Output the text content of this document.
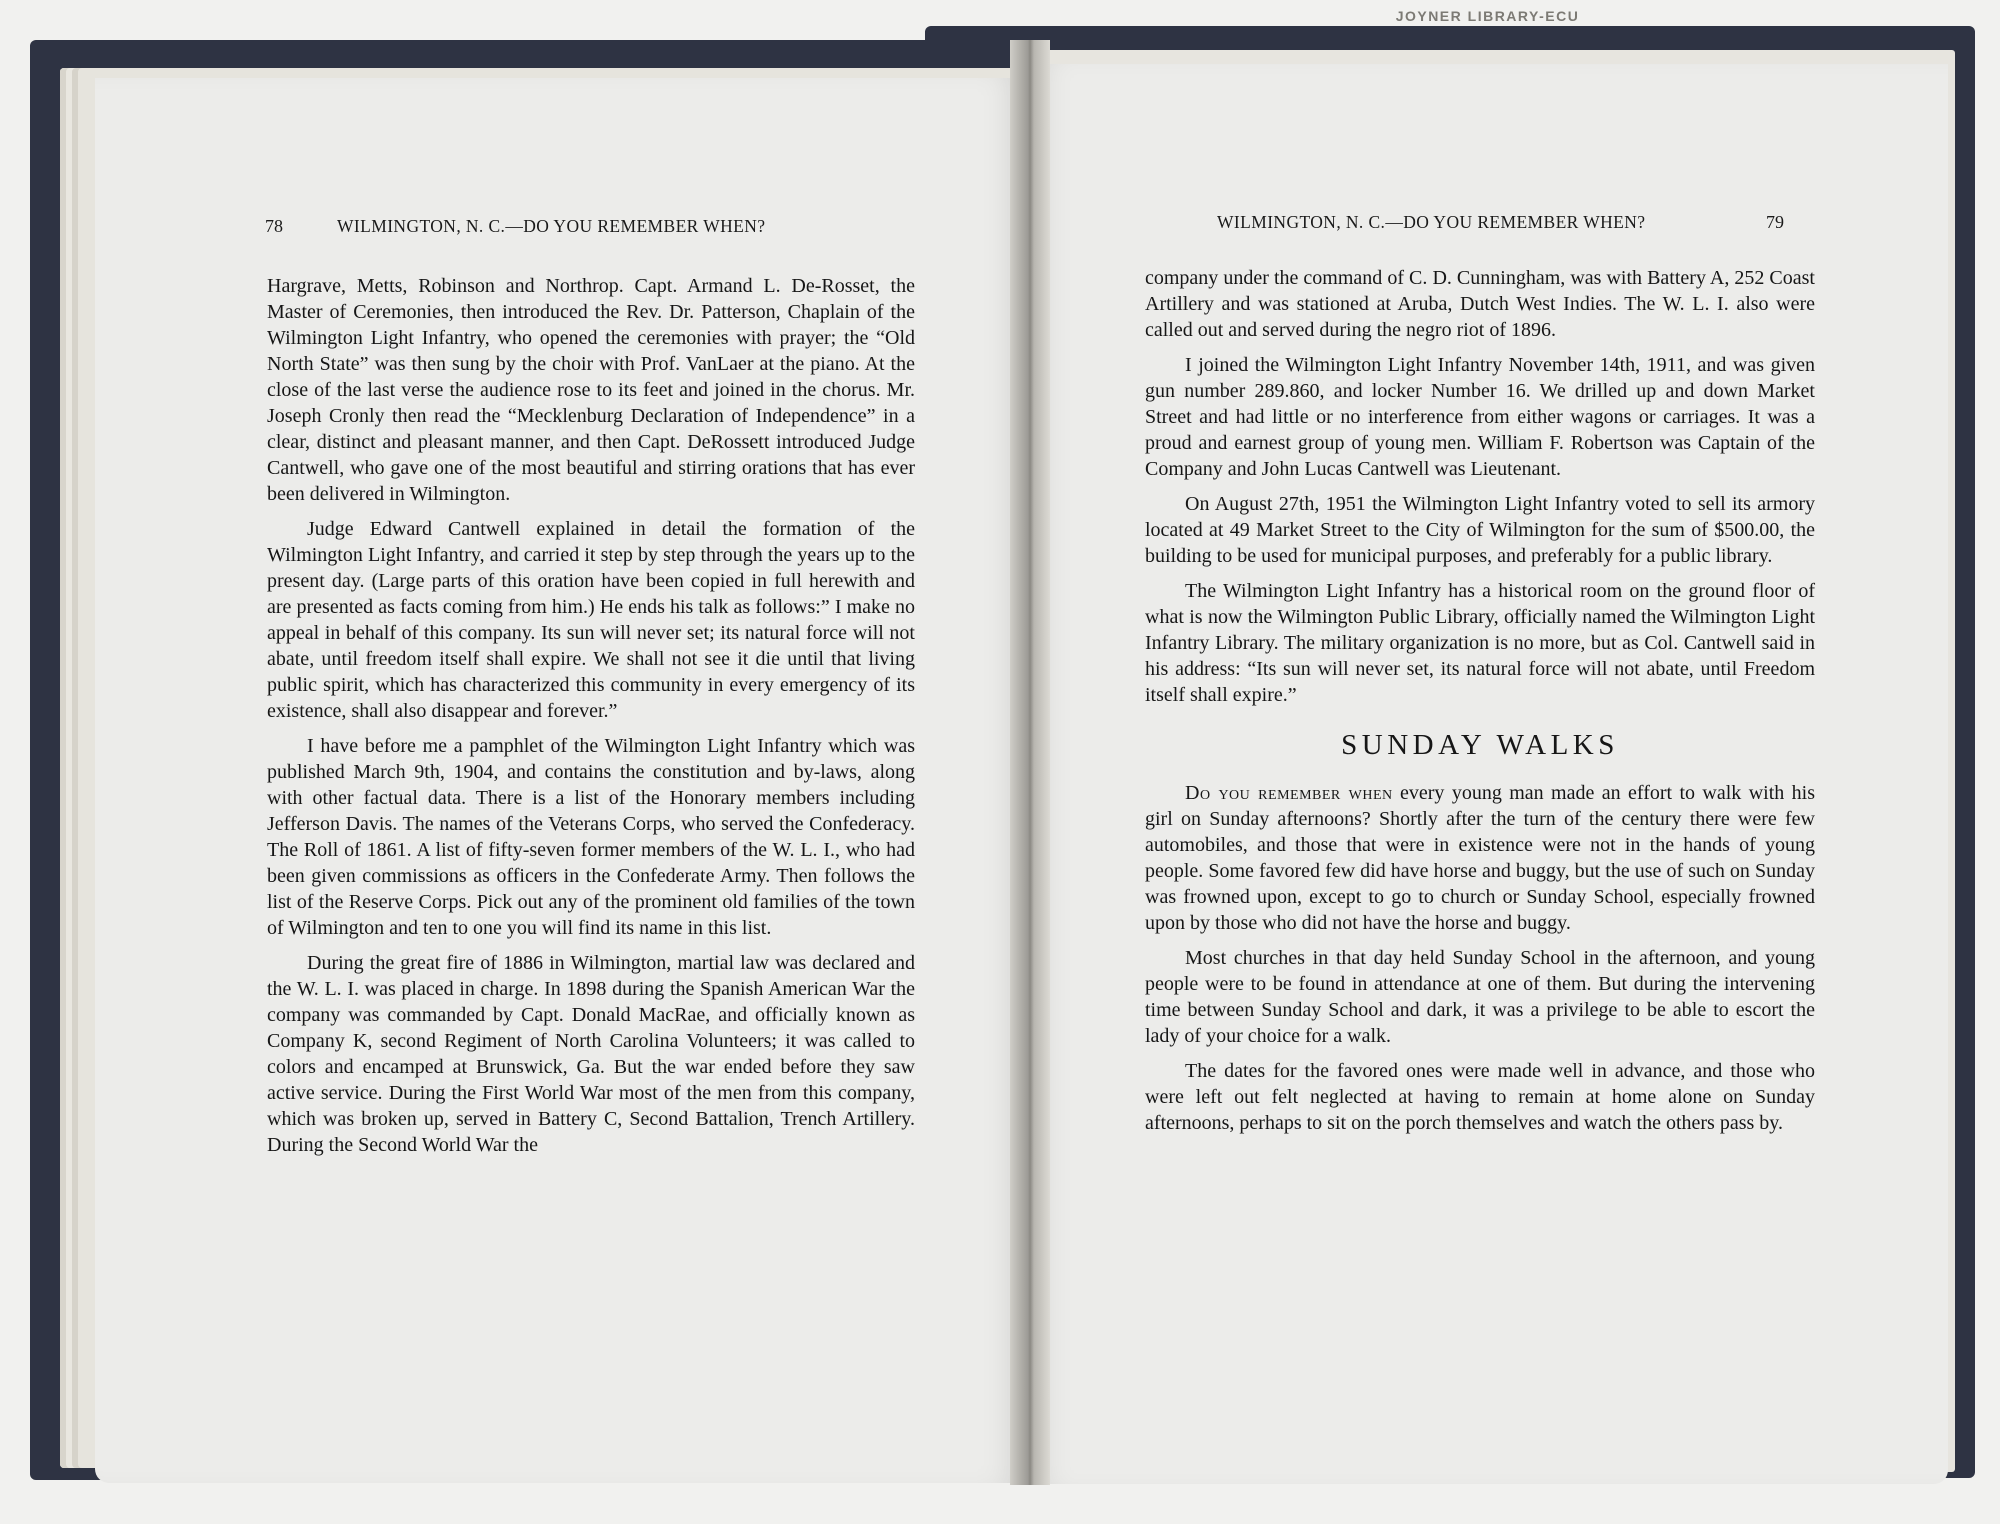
JOYNER LIBRARY-ECU
78	WILMINGTON, N. C.—DO YOU REMEMBER WHEN?

Hargrave, Metts, Robinson and Northrop. Capt. Armand L. De-Rosset, the Master of Ceremonies, then introduced the Rev. Dr. Patterson, Chaplain of the Wilmington Light Infantry, who opened the ceremonies with prayer; the “Old North State” was then sung by the choir with Prof. VanLaer at the piano. At the close of the last verse the audience rose to its feet and joined in the chorus. Mr. Joseph Cronly then read the “Mecklenburg Declaration of Independence” in a clear, distinct and pleasant manner, and then Capt. DeRossett introduced Judge Cantwell, who gave one of the most beautiful and stirring orations that has ever been delivered in Wilmington.

Judge Edward Cantwell explained in detail the formation of the Wilmington Light Infantry, and carried it step by step through the years up to the present day. (Large parts of this oration have been copied in full herewith and are presented as facts coming from him.) He ends his talk as follows:” I make no appeal in behalf of this company. Its sun will never set; its natural force will not abate, until freedom itself shall expire. We shall not see it die until that living public spirit, which has characterized this community in every emergency of its existence, shall also disappear and forever.”

I have before me a pamphlet of the Wilmington Light Infantry which was published March 9th, 1904, and contains the constitution and by-laws, along with other factual data. There is a list of the Honorary members including Jefferson Davis. The names of the Veterans Corps, who served the Confederacy. The Roll of 1861. A list of fifty-seven former members of the W. L. I., who had been given commissions as officers in the Confederate Army. Then follows the list of the Reserve Corps. Pick out any of the prominent old families of the town of Wilmington and ten to one you will find its name in this list.

During the great fire of 1886 in Wilmington, martial law was declared and the W. L. I. was placed in charge. In 1898 during the Spanish American War the company was commanded by Capt. Donald MacRae, and officially known as Company K, second Regiment of North Carolina Volunteers; it was called to colors and encamped at Brunswick, Ga. But the war ended before they saw active service. During the First World War most of the men from this company, which was broken up, served in Battery C, Second Battalion, Trench Artillery. During the Second World War the

WILMINGTON, N. C.—DO YOU REMEMBER WHEN?	79

company under the command of C. D. Cunningham, was with Battery A, 252 Coast Artillery and was stationed at Aruba, Dutch West Indies. The W. L. I. also were called out and served during the negro riot of 1896.

I joined the Wilmington Light Infantry November 14th, 1911, and was given gun number 289.860, and locker Number 16. We drilled up and down Market Street and had little or no interference from either wagons or carriages. It was a proud and earnest group of young men. William F. Robertson was Captain of the Company and John Lucas Cantwell was Lieutenant.

On August 27th, 1951 the Wilmington Light Infantry voted to sell its armory located at 49 Market Street to the City of Wilmington for the sum of $500.00, the building to be used for municipal purposes, and preferably for a public library.

The Wilmington Light Infantry has a historical room on the ground floor of what is now the Wilmington Public Library, officially named the Wilmington Light Infantry Library. The military organization is no more, but as Col. Cantwell said in his address: “Its sun will never set, its natural force will not abate, until Freedom itself shall expire.”

SUNDAY WALKS

Do you remember when every young man made an effort to walk with his girl on Sunday afternoons? Shortly after the turn of the century there were few automobiles, and those that were in existence were not in the hands of young people. Some favored few did have horse and buggy, but the use of such on Sunday was frowned upon, except to go to church or Sunday School, especially frowned upon by those who did not have the horse and buggy.

Most churches in that day held Sunday School in the afternoon, and young people were to be found in attendance at one of them. But during the intervening time between Sunday School and dark, it was a privilege to be able to escort the lady of your choice for a walk.

The dates for the favored ones were made well in advance, and those who were left out felt neglected at having to remain at home alone on Sunday afternoons, perhaps to sit on the porch themselves and watch the others pass by.
